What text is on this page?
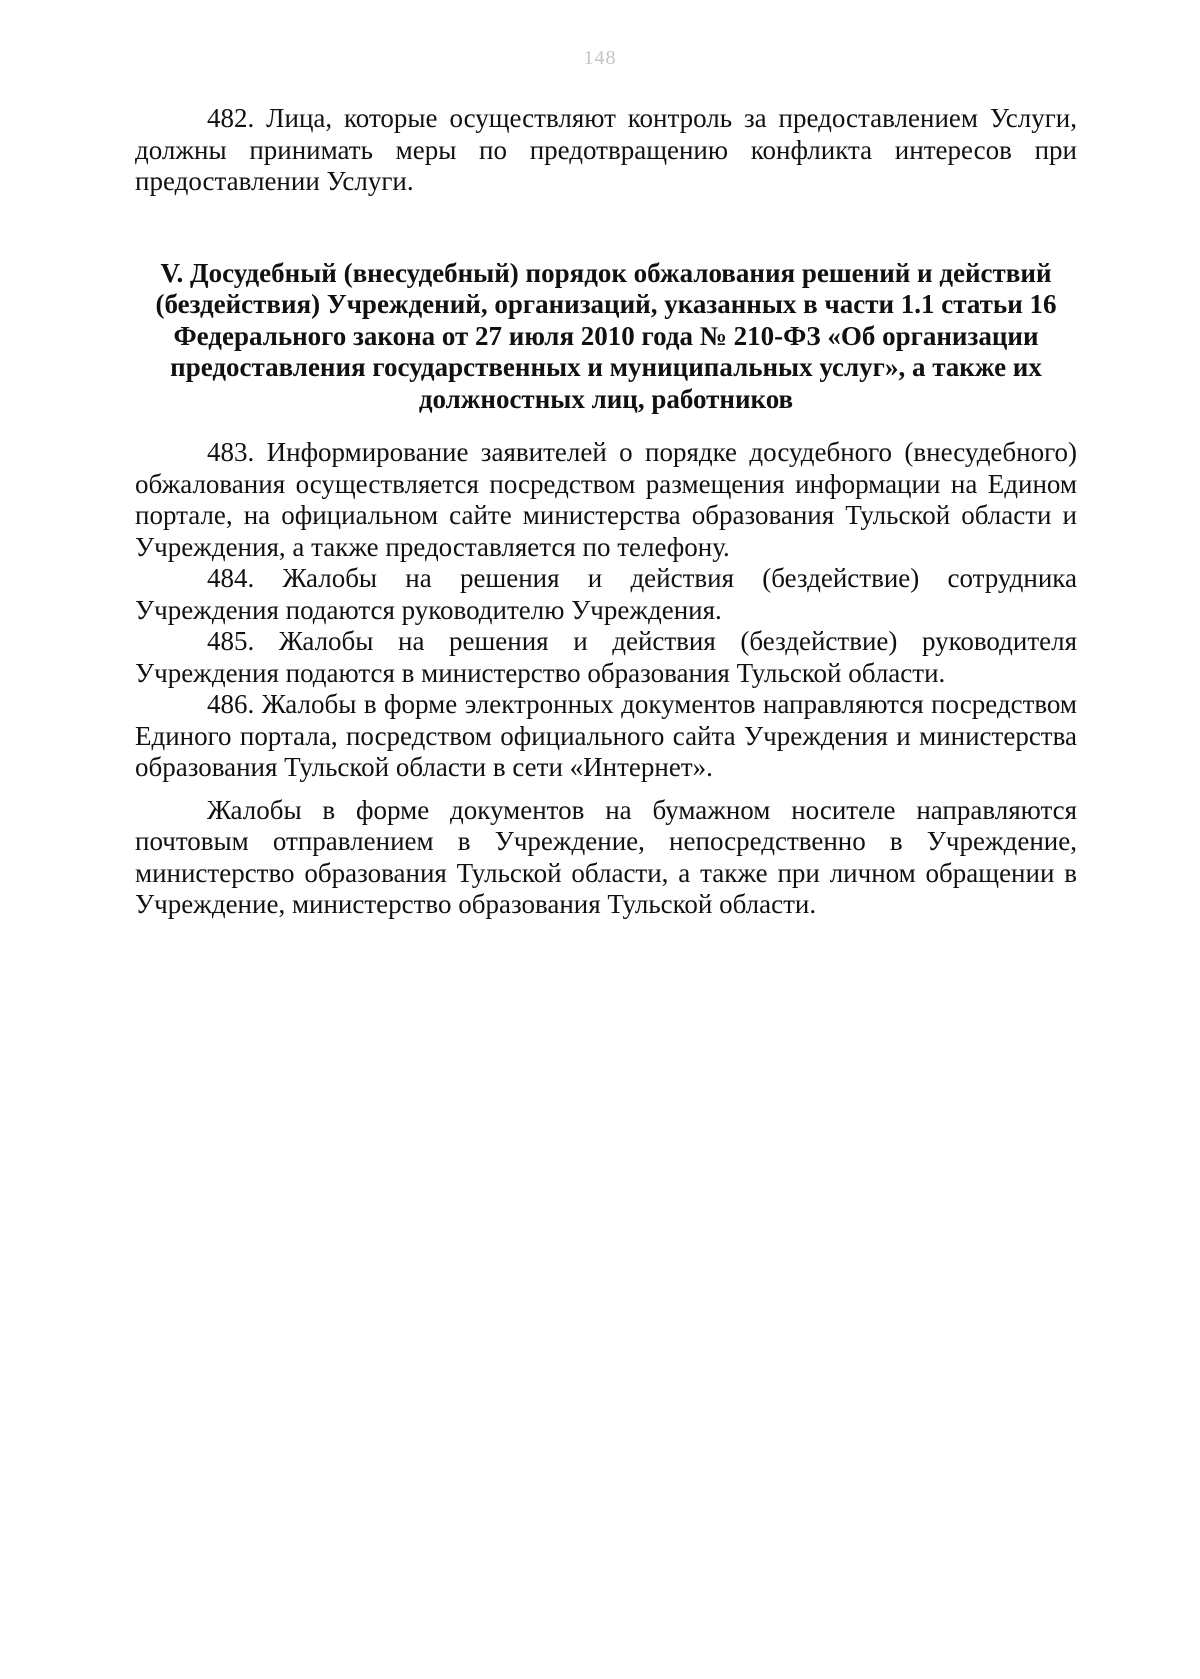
148

482. Лица, которые осуществляют контроль за предоставлением Услуги, должны принимать меры по предотвращению конфликта интересов при предоставлении Услуги.

V. Досудебный (внесудебный) порядок обжалования решений и действий (бездействия) Учреждений, организаций, указанных в части 1.1 статьи 16 Федерального закона от 27 июля 2010 года № 210-ФЗ «Об организации предоставления государственных и муниципальных услуг», а также их должностных лиц, работников

483. Информирование заявителей о порядке досудебного (внесудебного) обжалования осуществляется посредством размещения информации на Едином портале, на официальном сайте министерства образования Тульской области и Учреждения, а также предоставляется по телефону.

484. Жалобы на решения и действия (бездействие) сотрудника Учреждения подаются руководителю Учреждения.

485. Жалобы на решения и действия (бездействие) руководителя Учреждения подаются в министерство образования Тульской области.

486. Жалобы в форме электронных документов направляются посредством Единого портала, посредством официального сайта Учреждения и министерства образования Тульской области в сети «Интернет».

Жалобы в форме документов на бумажном носителе направляются почтовым отправлением в Учреждение, непосредственно в Учреждение, министерство образования Тульской области, а также при личном обращении в Учреждение, министерство образования Тульской области.
